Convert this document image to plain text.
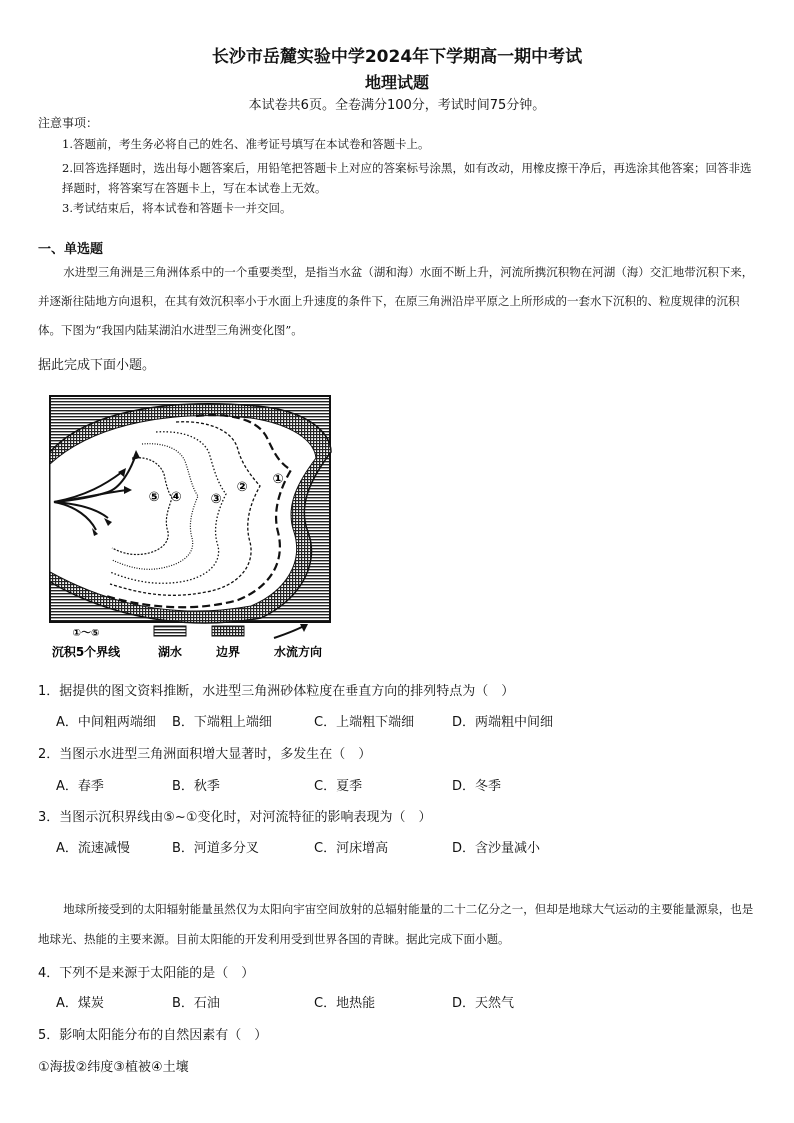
长沙市岳麓实验中学2024年下学期高一期中考试
地理试题
本试卷共6页。全卷满分100分，考试时间75分钟。
注意事项：
1.答题前，考生务必将自己的姓名、准考证号填写在本试卷和答题卡上。
2.回答选择题时，选出每小题答案后，用铅笔把答题卡上对应的答案标号涂黑，如有改动，用橡皮擦干净后，再选涂其他答案；回答非选择题时，将答案写在答题卡上，写在本试卷上无效。
3.考试结束后，将本试卷和答题卡一并交回。
一、单选题
水进型三角洲是三角洲体系中的一个重要类型，是指当水盆（湖和海）水面不断上升，河流所携沉积物在河湖（海）交汇地带沉积下来，并逐渐往陆地方向退积，在其有效沉积率小于水面上升速度的条件下，在原三角洲沿岸平原之上所形成的一套水下沉积的、粒度规律的沉积体。下图为“我国内陆某湖泊水进型三角洲变化图”。
据此完成下面小题。
⑤ ④ ③
②
①
①～⑤
沉积5个界线	湖水	边界	水流方向
1．据提供的图文资料推断，水进型三角洲砂体粒度在垂直方向的排列特点为（　）
A．中间粗两端细 B．下端粗上端细	C．上端粗下端细	D．两端粗中间细
2．当图示水进型三角洲面积增大显著时，多发生在（　）
A．春季	B．秋季	C．夏季	D．冬季
3．当图示沉积界线由⑤~①变化时，对河流特征的影响表现为（　）
A．流速减慢	B．河道多分叉	C．河床增高	D．含沙量减小
地球所接受到的太阳辐射能量虽然仅为太阳向宇宙空间放射的总辐射能量的二十二亿分之一，但却是地球大气运动的主要能量源泉，也是地球光、热能的主要来源。目前太阳能的开发利用受到世界各国的青睐。据此完成下面小题。
4．下列不是来源于太阳能的是（　）
A．煤炭	B．石油	C．地热能	D．天然气
5．影响太阳能分布的自然因素有（　）
①海拔②纬度③植被④土壤
